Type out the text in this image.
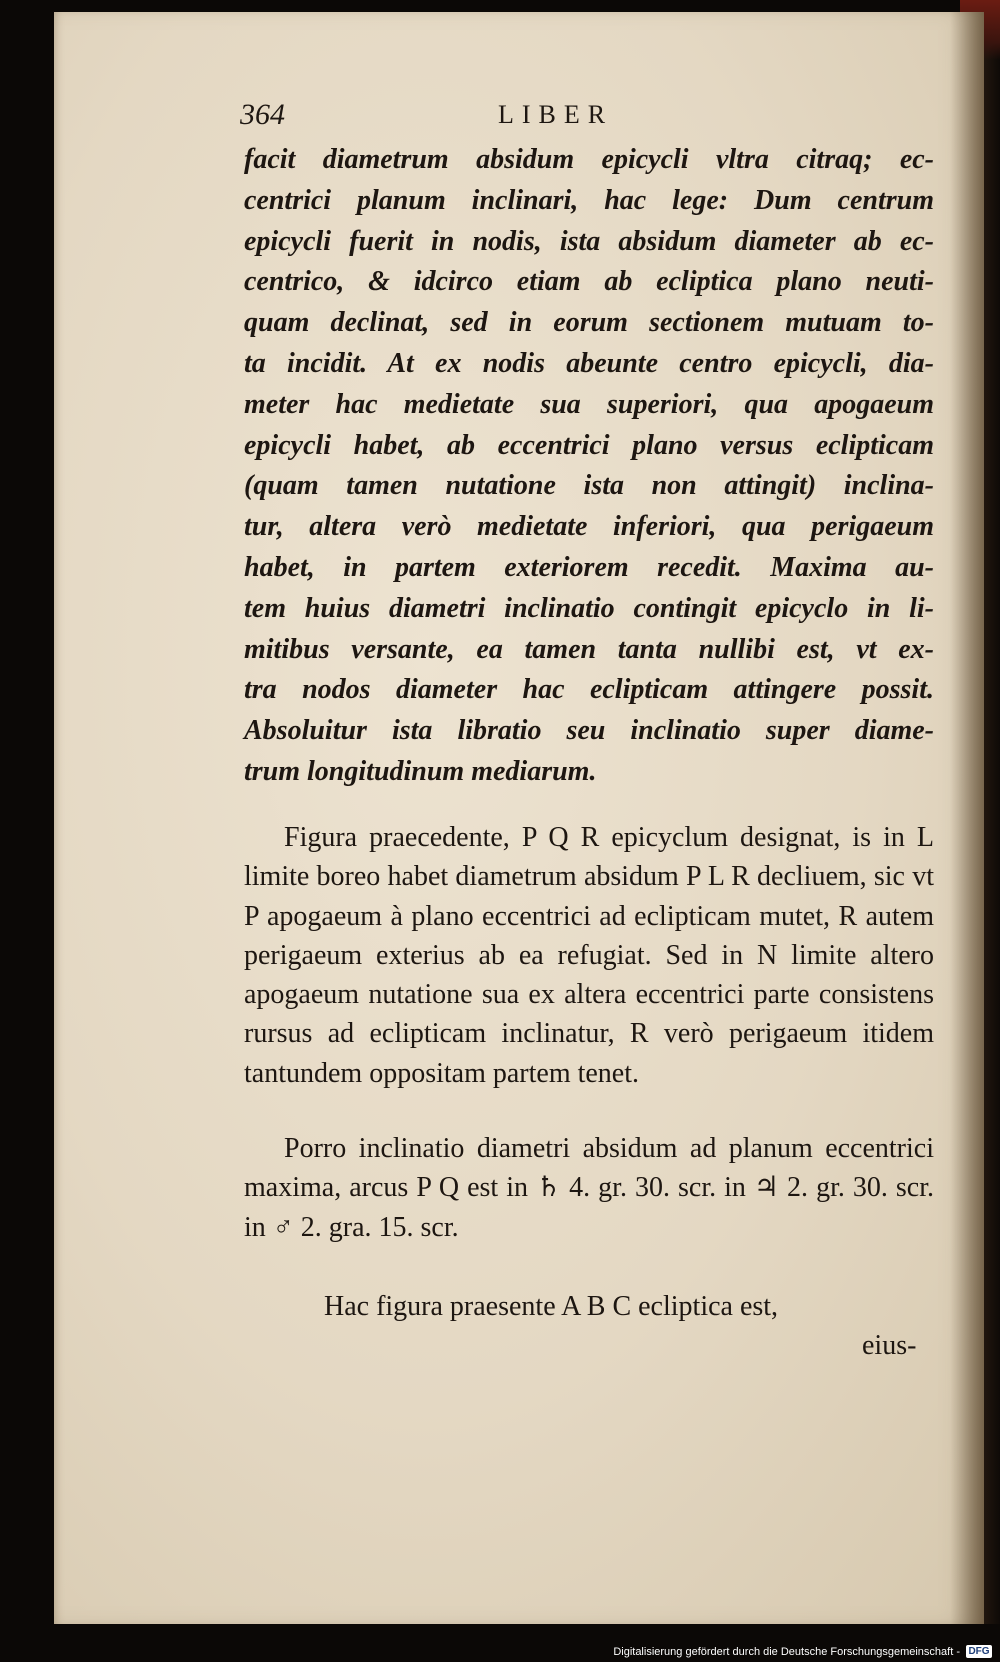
364	LIBER
facit diametrum absidum epicycli vltra citraq; ec-
centrici planum inclinari, hac lege: Dum centrum
epicycli fuerit in nodis, ista absidum diameter ab ec-
centrico, & idcirco etiam ab ecliptica plano neuti-
quam declinat, sed in eorum sectionem mutuam to-
ta incidit. At ex nodis abeunte centro epicycli, dia-
meter hac medietate sua superiori, qua apogaeum
epicycli habet, ab eccentrici plano versus eclipticam
(quam tamen nutatione ista non attingit) inclina-
tur, altera verò medietate inferiori, qua perigaeum
habet, in partem exteriorem recedit. Maxima au-
tem huius diametri inclinatio contingit epicyclo in li-
mitibus versante, ea tamen tanta nullibi est, vt ex-
tra nodos diameter hac eclipticam attingere possit.
Absoluitur ista libratio seu inclinatio super diame-
trum longitudinum mediarum.

Figura praecedente, P Q R epicyclum designat, is in L limite boreo habet diametrum absidum P L R decliuem, sic vt P apogaeum à plano eccentrici ad eclipticam mutet, R autem perigaeum exterius ab ea refugiat. Sed in N limite altero apogaeum nutatione sua ex altera eccentrici parte consistens rursus ad eclipticam inclinatur, R verò perigaeum itidem tantundem oppositam partem tenet.

Porro inclinatio diametri absidum ad planum eccentrici maxima, arcus P Q est in ♄ 4. gr. 30. scr. in ♃ 2. gr. 30. scr. in ♂ 2. gra. 15. scr.

Hac figura praesente A B C ecliptica est,

eius-
Digitalisierung gefördert durch die Deutsche Forschungsgemeinschaft - DFG
